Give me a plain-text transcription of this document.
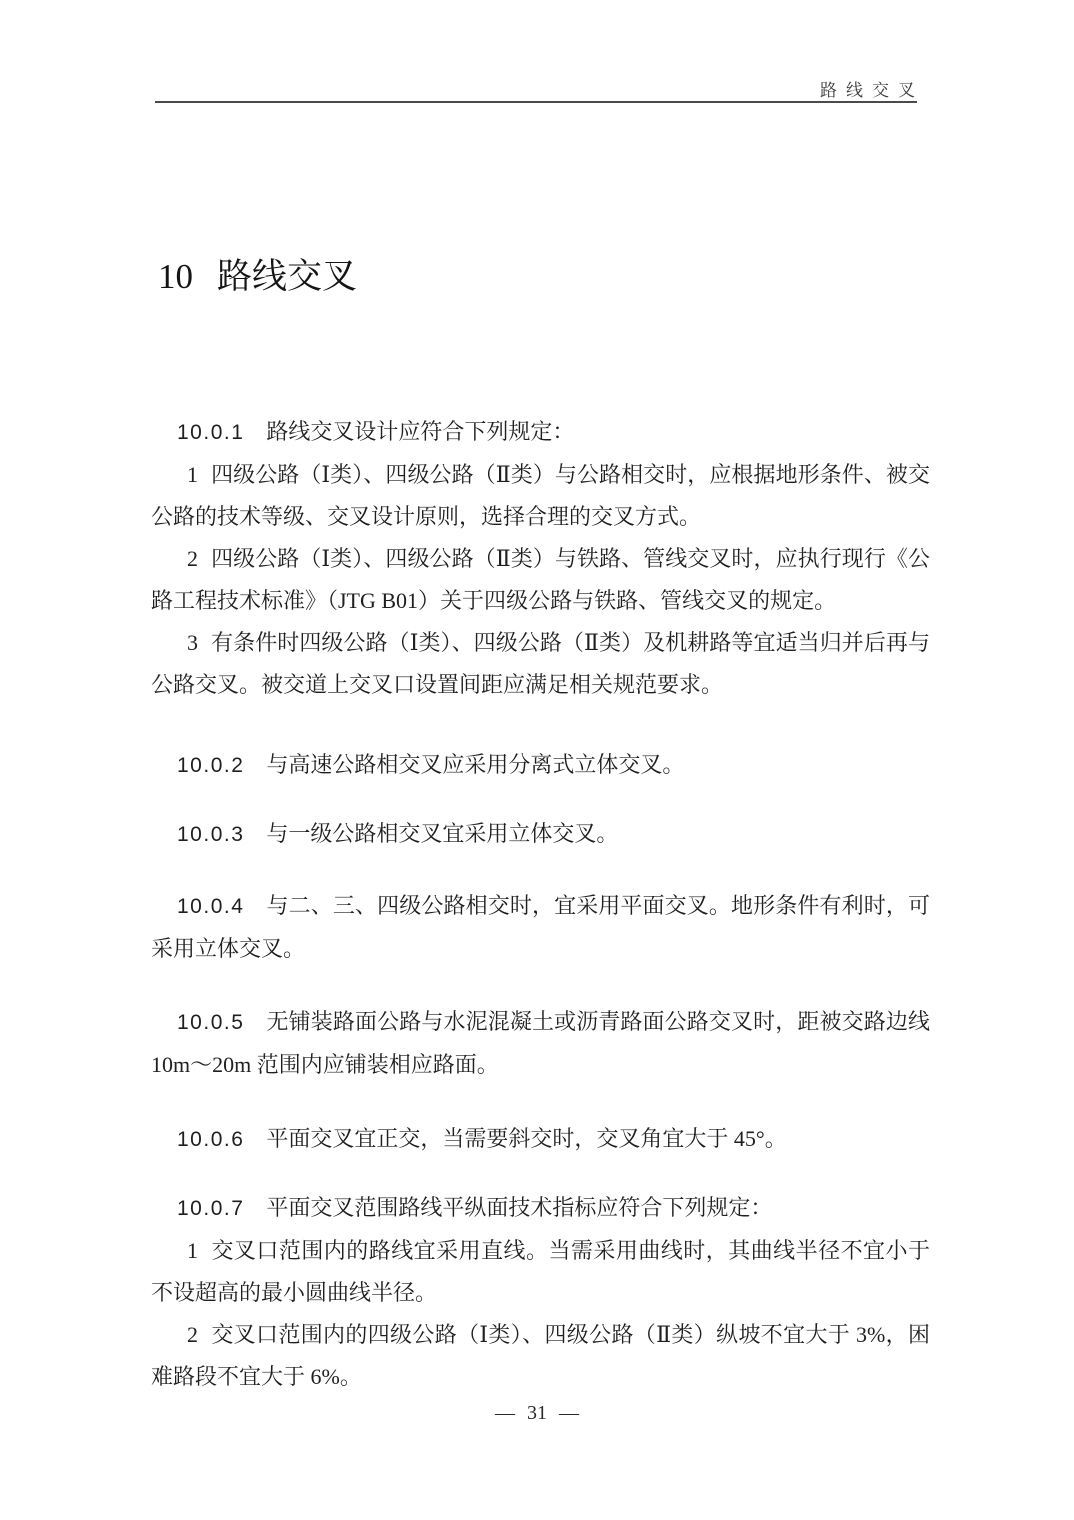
路线交叉
10 路线交叉

10.0.1 路线交叉设计应符合下列规定：

1 四级公路（Ⅰ类）、四级公路（Ⅱ类）与公路相交时，应根据地形条件、被交公路的技术等级、交叉设计原则，选择合理的交叉方式。

2 四级公路（Ⅰ类）、四级公路（Ⅱ类）与铁路、管线交叉时，应执行现行《公路工程技术标准》（JTG B01）关于四级公路与铁路、管线交叉的规定。

3 有条件时四级公路（Ⅰ类）、四级公路（Ⅱ类）及机耕路等宜适当归并后再与公路交叉。被交道上交叉口设置间距应满足相关规范要求。

10.0.2 与高速公路相交叉应采用分离式立体交叉。

10.0.3 与一级公路相交叉宜采用立体交叉。

10.0.4 与二、三、四级公路相交时，宜采用平面交叉。地形条件有利时，可采用立体交叉。

10.0.5 无铺装路面公路与水泥混凝土或沥青路面公路交叉时，距被交路边线 10m～20m 范围内应铺装相应路面。

10.0.6 平面交叉宜正交，当需要斜交时，交叉角宜大于 45°。

10.0.7 平面交叉范围路线平纵面技术指标应符合下列规定：

1 交叉口范围内的路线宜采用直线。当需采用曲线时，其曲线半径不宜小于不设超高的最小圆曲线半径。

2 交叉口范围内的四级公路（Ⅰ类）、四级公路（Ⅱ类）纵坡不宜大于 3%，困难路段不宜大于 6%。

— 31 —
